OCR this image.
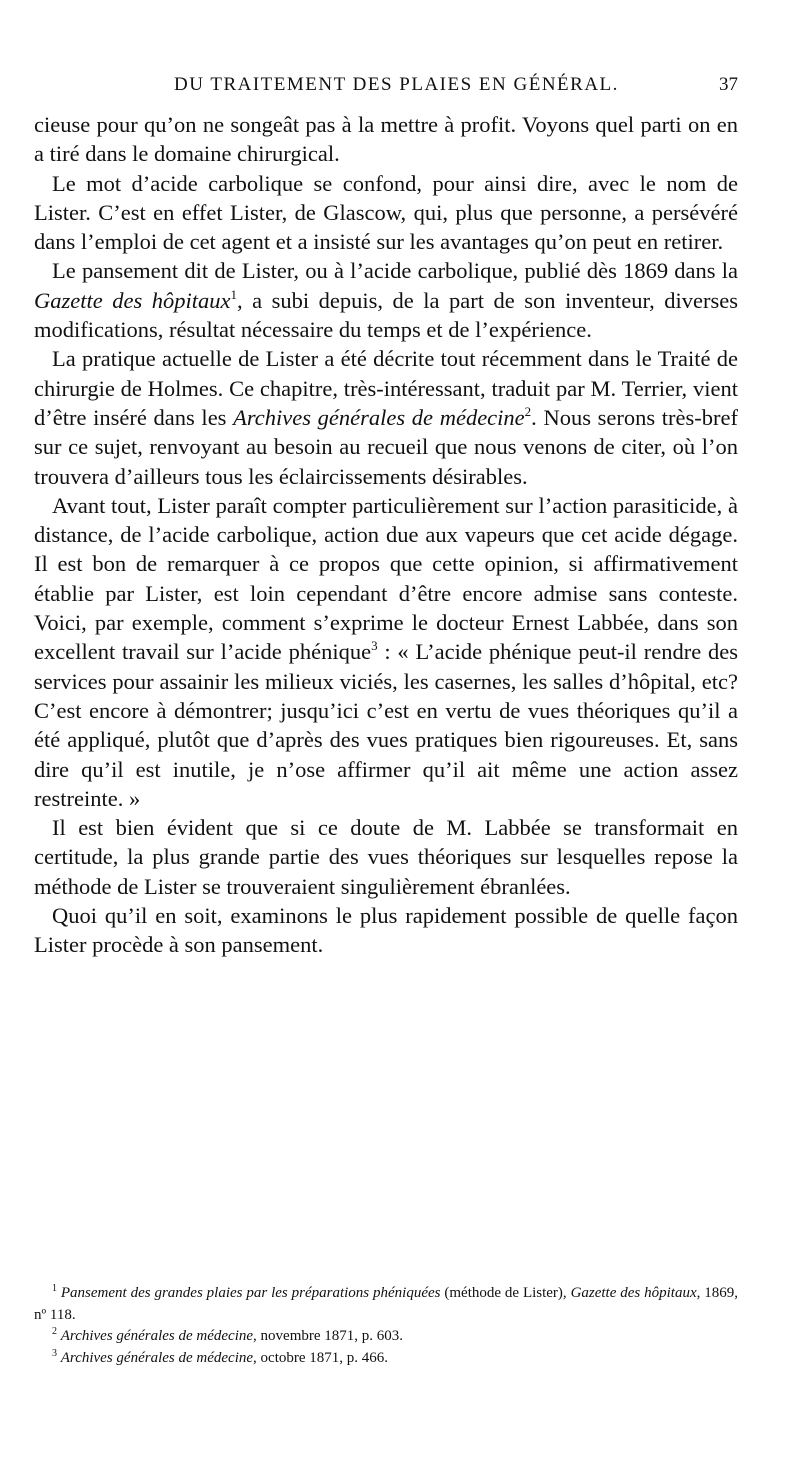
DU TRAITEMENT DES PLAIES EN GÉNÉRAL.	37

cieuse pour qu’on ne songeât pas à la mettre à profit. Voyons quel parti on en a tiré dans le domaine chirurgical.

Le mot d’acide carbolique se confond, pour ainsi dire, avec le nom de Lister. C’est en effet Lister, de Glascow, qui, plus que personne, a persévéré dans l’emploi de cet agent et a insisté sur les avantages qu’on peut en retirer.

Le pansement dit de Lister, ou à l’acide carbolique, publié dès 1869 dans la Gazette des hôpitaux$^1$, a subi depuis, de la part de son inventeur, diverses modifications, résultat nécessaire du temps et de l’expérience.

La pratique actuelle de Lister a été décrite tout récemment dans le Traité de chirurgie de Holmes. Ce chapitre, très-intéressant, traduit par M. Terrier, vient d’être inséré dans les Archives générales de médecine$^2$. Nous serons très-bref sur ce sujet, renvoyant au besoin au recueil que nous venons de citer, où l’on trouvera d’ailleurs tous les éclaircissements désirables.

Avant tout, Lister paraît compter particulièrement sur l’action parasiticide, à distance, de l’acide carbolique, action due aux vapeurs que cet acide dégage. Il est bon de remarquer à ce propos que cette opinion, si affirmativement établie par Lister, est loin cependant d’être encore admise sans conteste. Voici, par exemple, comment s’exprime le docteur Ernest Labbée, dans son excellent travail sur l’acide phénique$^3$ : « L’acide phénique peut-il rendre des services pour assainir les milieux viciés, les casernes, les salles d’hôpital, etc? C’est encore à démontrer; jusqu’ici c’est en vertu de vues théoriques qu’il a été appliqué, plutôt que d’après des vues pratiques bien rigoureuses. Et, sans dire qu’il est inutile, je n’ose affirmer qu’il ait même une action assez restreinte. »

Il est bien évident que si ce doute de M. Labbée se transformait en certitude, la plus grande partie des vues théoriques sur lesquelles repose la méthode de Lister se trouveraient singulièrement ébranlées.

Quoi qu’il en soit, examinons le plus rapidement possible de quelle façon Lister procède à son pansement.

$^1$ Pansement des grandes plaies par les préparations phéniquées (méthode de Lister), Gazette des hôpitaux, 1869, nº 118.

$^2$ Archives générales de médecine, novembre 1871, p. 603.

$^3$ Archives générales de médecine, octobre 1871, p. 466.
